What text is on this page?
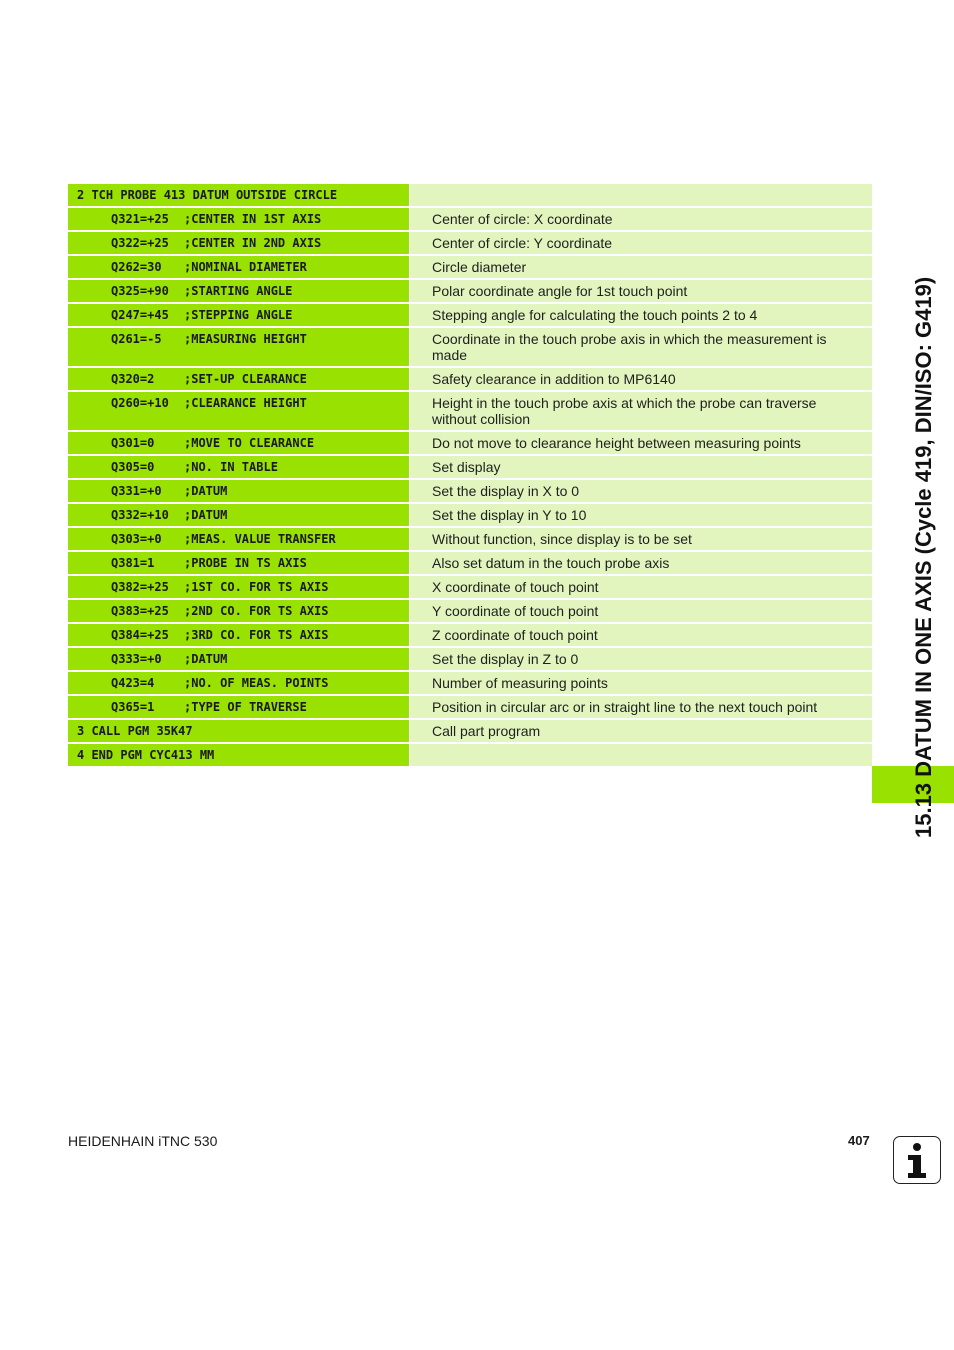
2 TCH PROBE 413 DATUM OUTSIDE CIRCLE

Q321=+25	;CENTER IN 1ST AXIS	Center of circle: X coordinate
Q322=+25	;CENTER IN 2ND AXIS	Center of circle: Y coordinate
Q262=30	;NOMINAL DIAMETER	Circle diameter
Q325=+90	;STARTING ANGLE	Polar coordinate angle for 1st touch point
Q247=+45	;STEPPING ANGLE	Stepping angle for calculating the touch points 2 to 4
Q261=-5	;MEASURING HEIGHT	Coordinate in the touch probe axis in which the measurement is made
Q320=2	;SET-UP CLEARANCE	Safety clearance in addition to MP6140
Q260=+10	;CLEARANCE HEIGHT	Height in the touch probe axis at which the probe can traverse without collision
Q301=0	;MOVE TO CLEARANCE	Do not move to clearance height between measuring points
Q305=0	;NO. IN TABLE	Set display
Q331=+0	;DATUM	Set the display in X to 0
Q332=+10	;DATUM	Set the display in Y to 10
Q303=+0	;MEAS. VALUE TRANSFER	Without function, since display is to be set
Q381=1	;PROBE IN TS AXIS	Also set datum in the touch probe axis
Q382=+25	;1ST CO. FOR TS AXIS	X coordinate of touch point
Q383=+25	;2ND CO. FOR TS AXIS	Y coordinate of touch point
Q384=+25	;3RD CO. FOR TS AXIS	Z coordinate of touch point
Q333=+0	;DATUM	Set the display in Z to 0
Q423=4	;NO. OF MEAS. POINTS	Number of measuring points
Q365=1	;TYPE OF TRAVERSE	Position in circular arc or in straight line to the next touch point
3 CALL PGM 35K47	Call part program
4 END PGM CYC413 MM
	15.13 DATUM IN ONE AXIS (Cycle 419, DIN/ISO: G419)
HEIDENHAIN iTNC 530	407
